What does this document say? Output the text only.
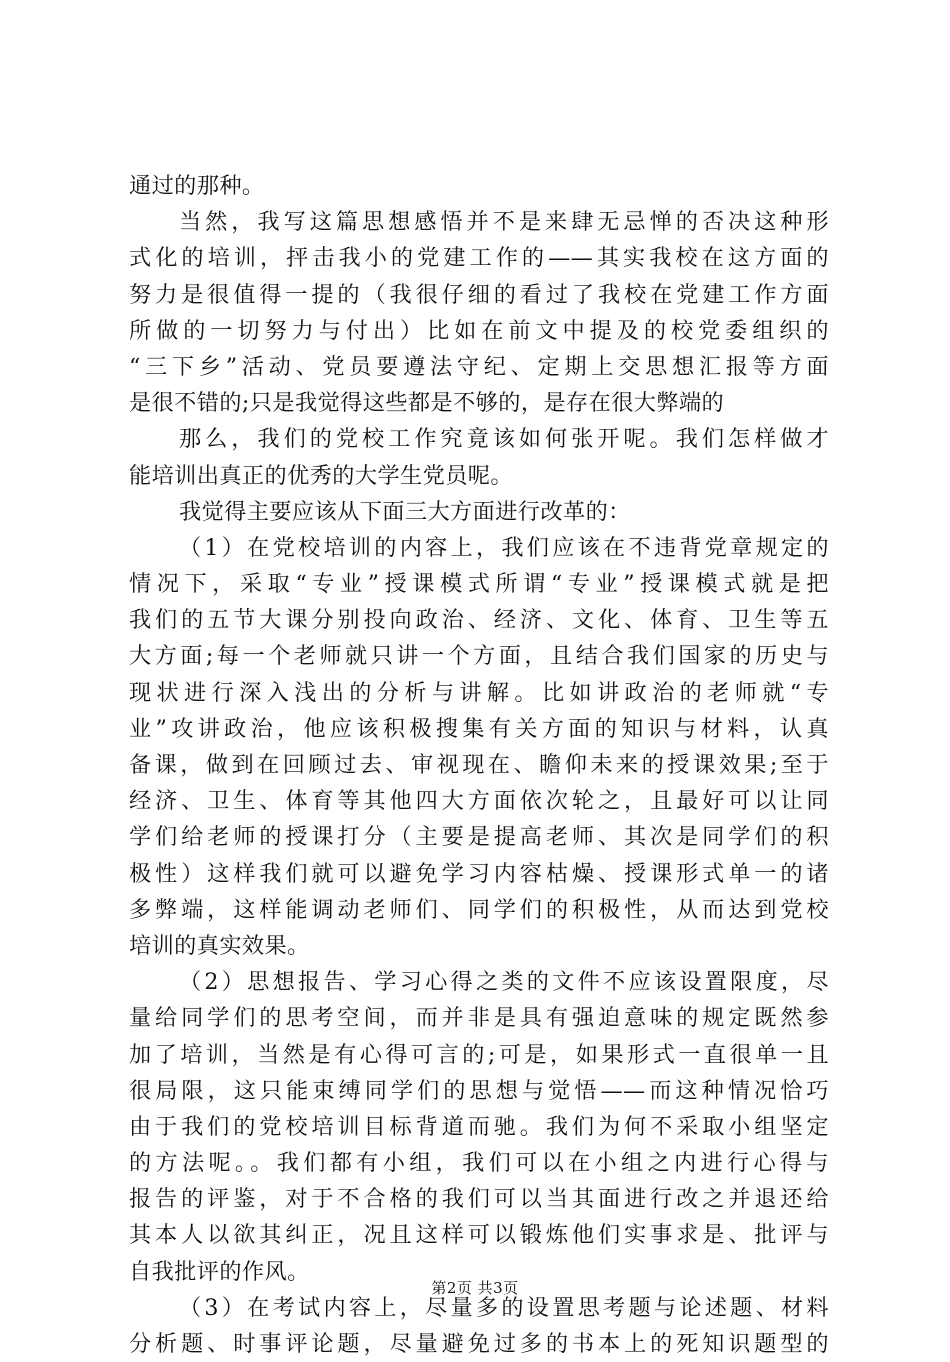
通过的那种。
当然，我写这篇思想感悟并不是来肆无忌惮的否决这种形
式化的培训，抨击我小的党建工作的——其实我校在这方面的
努力是很值得一提的（我很仔细的看过了我校在党建工作方面
所做的一切努力与付出）比如在前文中提及的校党委组织的
“三下乡”活动、党员要遵法守纪、定期上交思想汇报等方面
是很不错的;只是我觉得这些都是不够的，是存在很大弊端的
那么，我们的党校工作究竟该如何张开呢。我们怎样做才
能培训出真正的优秀的大学生党员呢。
我觉得主要应该从下面三大方面进行改革的：
（1）在党校培训的内容上，我们应该在不违背党章规定的
情况下，采取“专业”授课模式所谓“专业”授课模式就是把
我们的五节大课分别投向政治、经济、文化、体育、卫生等五
大方面;每一个老师就只讲一个方面，且结合我们国家的历史与
现状进行深入浅出的分析与讲解。比如讲政治的老师就“专
业”攻讲政治，他应该积极搜集有关方面的知识与材料，认真
备课，做到在回顾过去、审视现在、瞻仰未来的授课效果;至于
经济、卫生、体育等其他四大方面依次轮之，且最好可以让同
学们给老师的授课打分（主要是提高老师、其次是同学们的积
极性）这样我们就可以避免学习内容枯燥、授课形式单一的诸
多弊端，这样能调动老师们、同学们的积极性，从而达到党校
培训的真实效果。
（2）思想报告、学习心得之类的文件不应该设置限度，尽
量给同学们的思考空间，而并非是具有强迫意味的规定既然参
加了培训，当然是有心得可言的;可是，如果形式一直很单一且
很局限，这只能束缚同学们的思想与觉悟——而这种情况恰巧
由于我们的党校培训目标背道而驰。我们为何不采取小组坚定
的方法呢。。我们都有小组，我们可以在小组之内进行心得与
报告的评鉴，对于不合格的我们可以当其面进行改之并退还给
其本人以欲其纠正，况且这样可以锻炼他们实事求是、批评与
自我批评的作风。
（3）在考试内容上，尽量多的设置思考题与论述题、材料
分析题、时事评论题，尽量避免过多的书本上的死知识题型的
第2页 共3页
